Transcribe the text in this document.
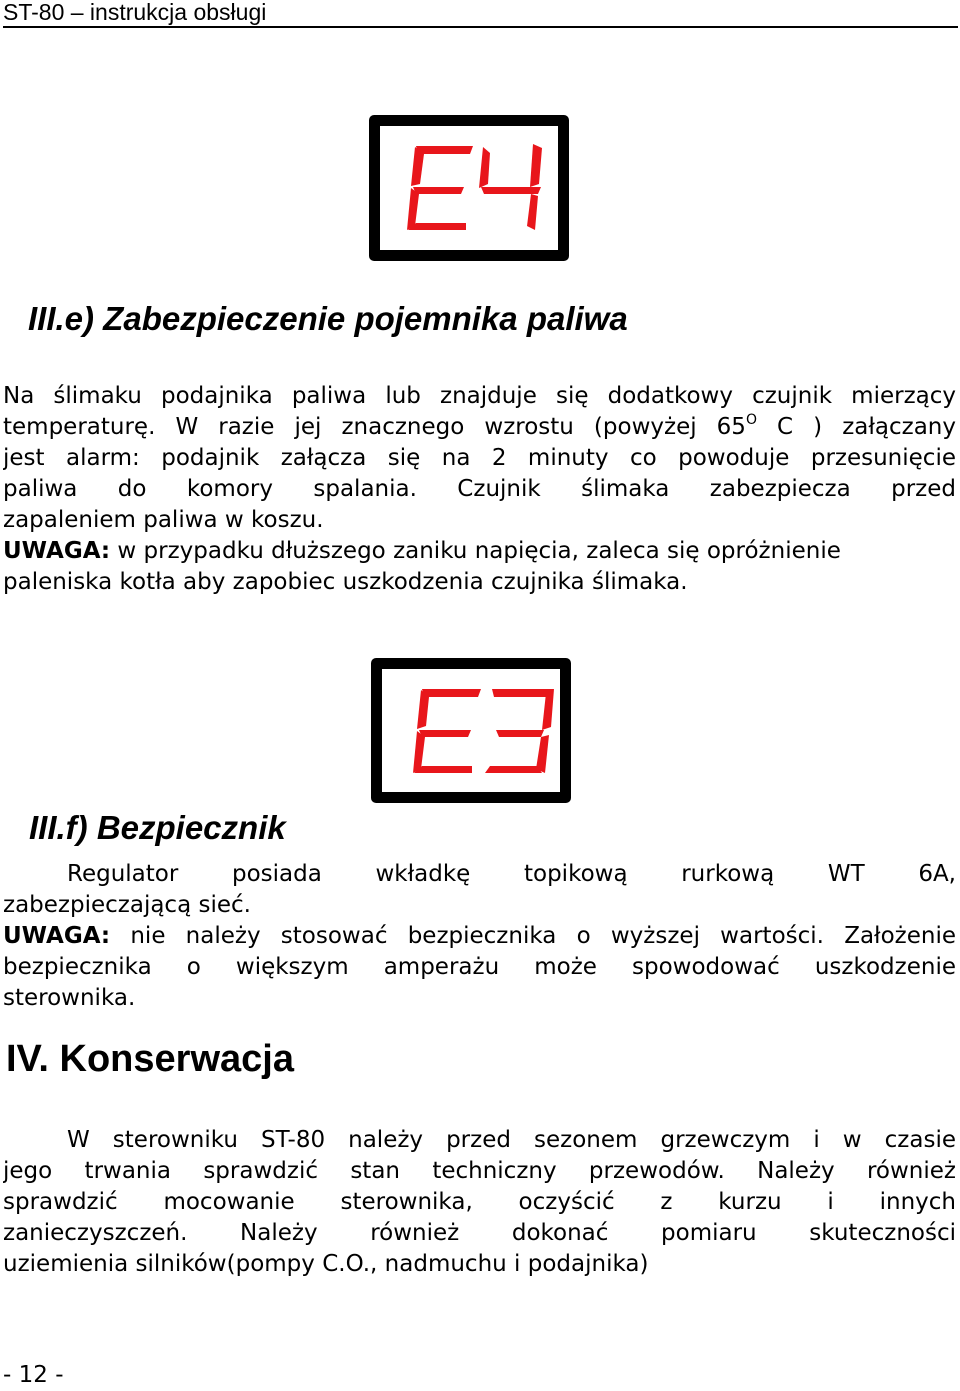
ST-80 – instrukcja obsługi
III.e) Zabezpieczenie pojemnika paliwa
Na ślimaku podajnika paliwa lub znajduje się dodatkowy czujnik mierzący
temperaturę. W razie jej znacznego wzrostu (powyżej $65^O$ C ) załączany
jest alarm: podajnik załącza się na 2 minuty co powoduje przesunięcie
paliwa do komory spalania. Czujnik ślimaka zabezpiecza przed
zapaleniem paliwa w koszu.
UWAGA: w przypadku dłuższego zaniku napięcia, zaleca się opróżnienie
paleniska kotła aby zapobiec uszkodzenia czujnika ślimaka.
III.f) Bezpiecznik
Regulator posiada wkładkę topikową rurkową WT 6A,
zabezpieczającą sieć.
UWAGA: nie należy stosować bezpiecznika o wyższej wartości. Założenie
bezpiecznika o większym amperażu może spowodować uszkodzenie
sterownika.
IV. Konserwacja
W sterowniku ST-80 należy przed sezonem grzewczym i w czasie
jego trwania sprawdzić stan techniczny przewodów. Należy również
sprawdzić mocowanie sterownika, oczyścić z kurzu i innych
zanieczyszczeń. Należy również dokonać pomiaru skuteczności
uziemienia silników(pompy C.O., nadmuchu i podajnika)
- 12 -
